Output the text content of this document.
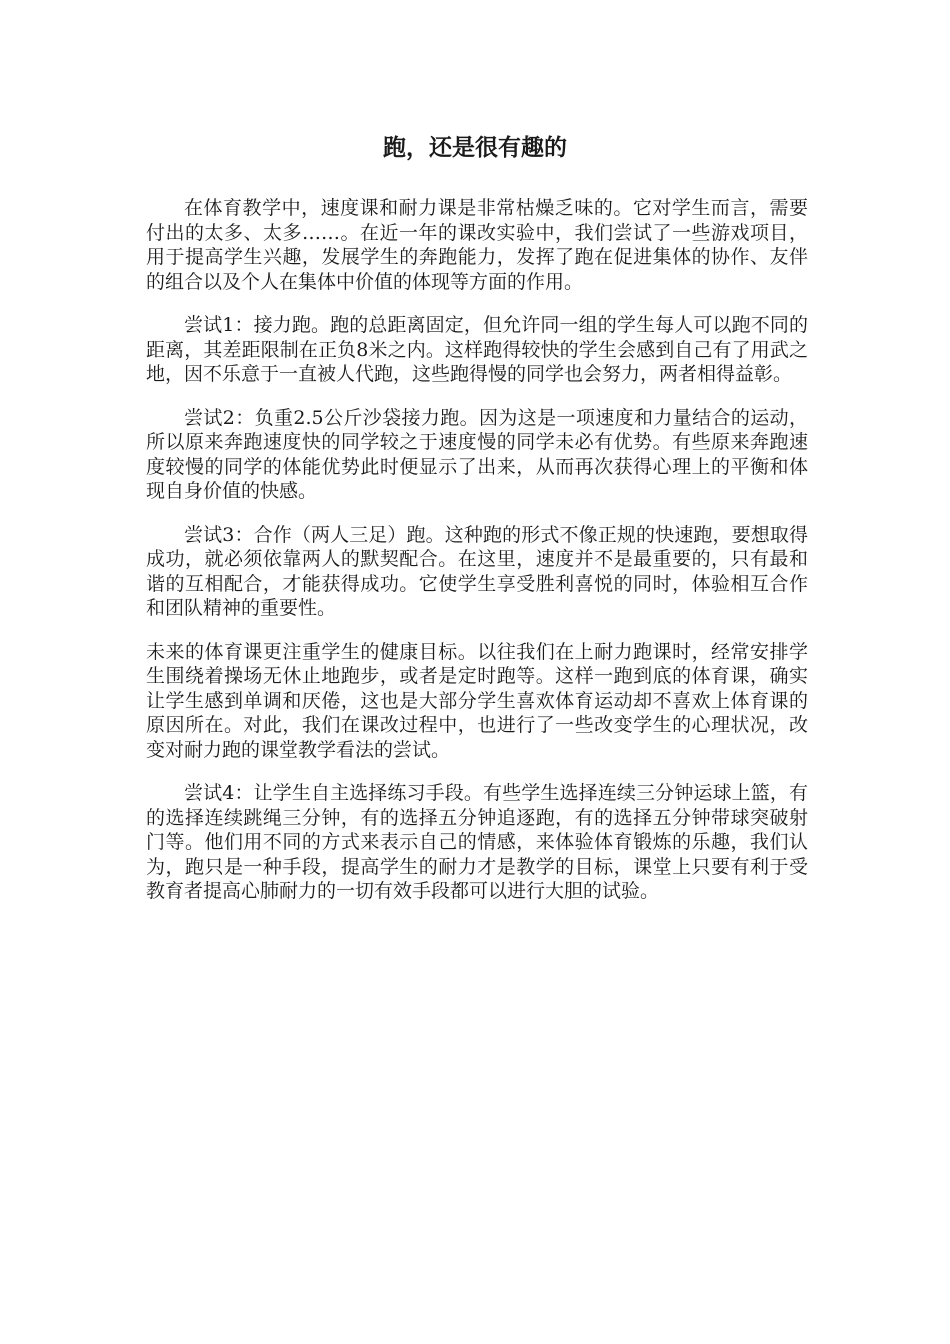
跑，还是很有趣的

在体育教学中，速度课和耐力课是非常枯燥乏味的。它对学生而言，需要付出的太多、太多……。在近一年的课改实验中，我们尝试了一些游戏项目，用于提高学生兴趣，发展学生的奔跑能力，发挥了跑在促进集体的协作、友伴的组合以及个人在集体中价值的体现等方面的作用。

尝试1：接力跑。跑的总距离固定，但允许同一组的学生每人可以跑不同的距离，其差距限制在正负8米之内。这样跑得较快的学生会感到自己有了用武之地，因不乐意于一直被人代跑，这些跑得慢的同学也会努力，两者相得益彰。

尝试2：负重2.5公斤沙袋接力跑。因为这是一项速度和力量结合的运动，所以原来奔跑速度快的同学较之于速度慢的同学未必有优势。有些原来奔跑速度较慢的同学的体能优势此时便显示了出来，从而再次获得心理上的平衡和体现自身价值的快感。

尝试3：合作（两人三足）跑。这种跑的形式不像正规的快速跑，要想取得成功，就必须依靠两人的默契配合。在这里，速度并不是最重要的，只有最和谐的互相配合，才能获得成功。它使学生享受胜利喜悦的同时，体验相互合作和团队精神的重要性。

未来的体育课更注重学生的健康目标。以往我们在上耐力跑课时，经常安排学生围绕着操场无休止地跑步，或者是定时跑等。这样一跑到底的体育课，确实让学生感到单调和厌倦，这也是大部分学生喜欢体育运动却不喜欢上体育课的原因所在。对此，我们在课改过程中，也进行了一些改变学生的心理状况，改变对耐力跑的课堂教学看法的尝试。

尝试4：让学生自主选择练习手段。有些学生选择连续三分钟运球上篮，有的选择连续跳绳三分钟，有的选择五分钟追逐跑，有的选择五分钟带球突破射门等。他们用不同的方式来表示自己的情感，来体验体育锻炼的乐趣，我们认为，跑只是一种手段，提高学生的耐力才是教学的目标，课堂上只要有利于受教育者提高心肺耐力的一切有效手段都可以进行大胆的试验。
